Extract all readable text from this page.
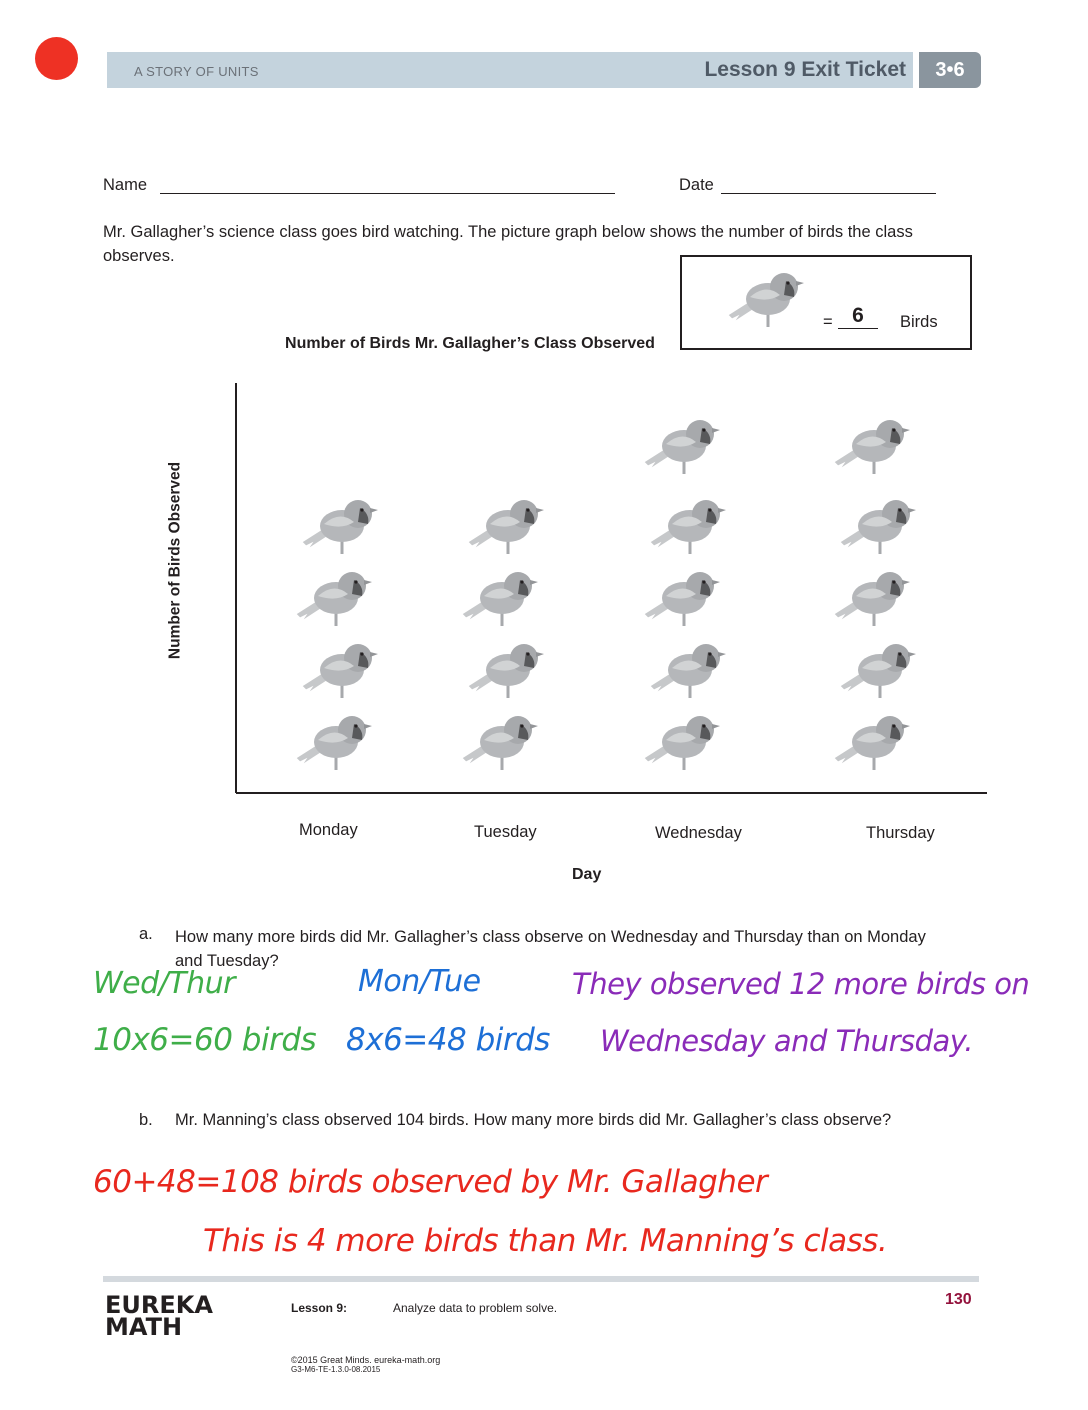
A STORY OF UNITS	Lesson 9 Exit Ticket	3•6
Name	Date
Mr. Gallagher’s science class goes bird watching. The picture graph below shows the number of birds the class observes.
= 6	Birds
Number of Birds Mr. Gallagher’s Class Observed
Number of Birds Observed
Monday	Tuesday	Wednesday	Thursday
Day
a. How many more birds did Mr. Gallagher’s class observe on Wednesday and Thursday than on Monday and Tuesday?
Wed/Thur
10x6=60 birds
Mon/Tue
8x6=48 birds
They observed 12 more birds on
Wednesday and Thursday.
b. Mr. Manning’s class observed 104 birds. How many more birds did Mr. Gallagher’s class observe?
60+48=108 birds observed by Mr. Gallagher
This is 4 more birds than Mr. Manning’s class.
EUREKA
MATH
Lesson 9:	Analyze data to problem solve.	130
©2015 Great Minds. eureka-math.org
G3-M6-TE-1.3.0-08.2015
